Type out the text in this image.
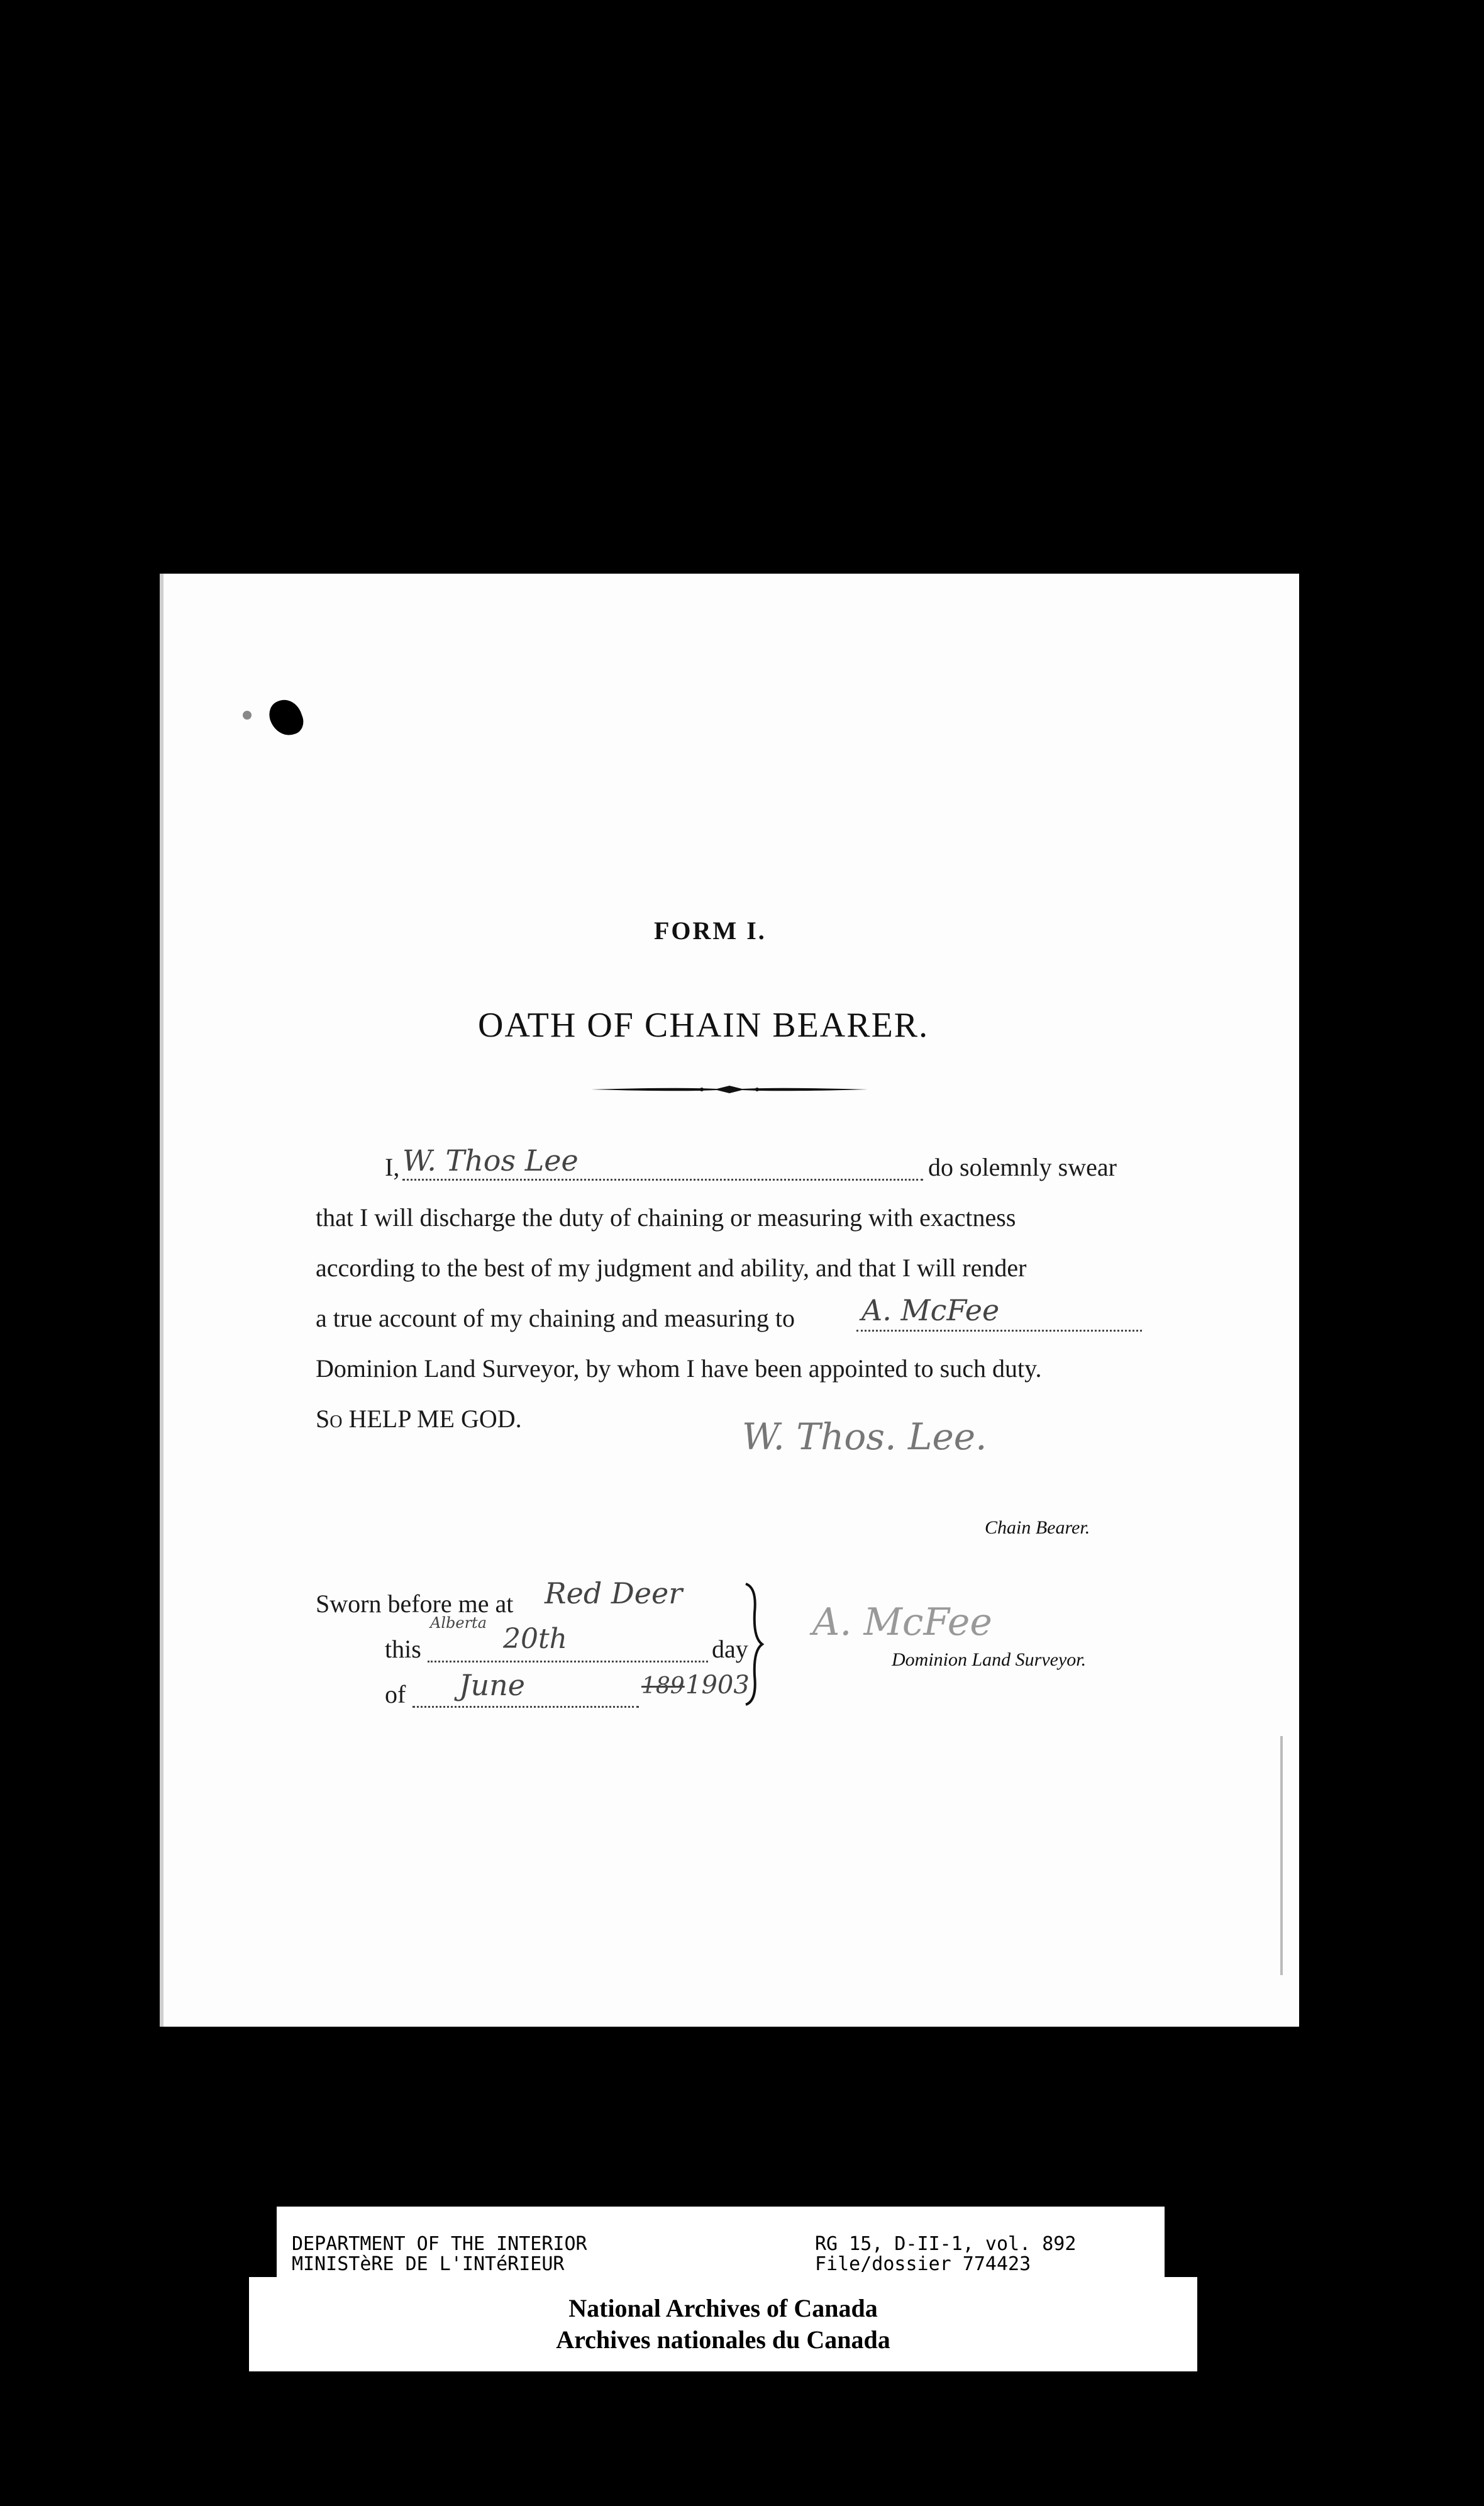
FORM I.
OATH OF CHAIN BEARER.
I, W. Thos Lee	do solemnly swear
that I will discharge the duty of chaining or measuring with exactness
according to the best of my judgment and ability, and that I will render
a true account of my chaining and measuring to A. McFee
Dominion Land Surveyor, by whom I have been appointed to such duty.
So HELP ME GOD.	W. Thos. Lee.
Chain Bearer.
Sworn before me at Red Deer
Alberta
this	20th	day
of June	189 1903
A. McFee
Dominion Land Surveyor.
DEPARTMENT OF THE INTERIOR
MINISTèRE DE L'INTéRIEUR
RG 15, D-II-1, vol. 892
File/dossier 774423
National Archives of Canada
Archives nationales du Canada
